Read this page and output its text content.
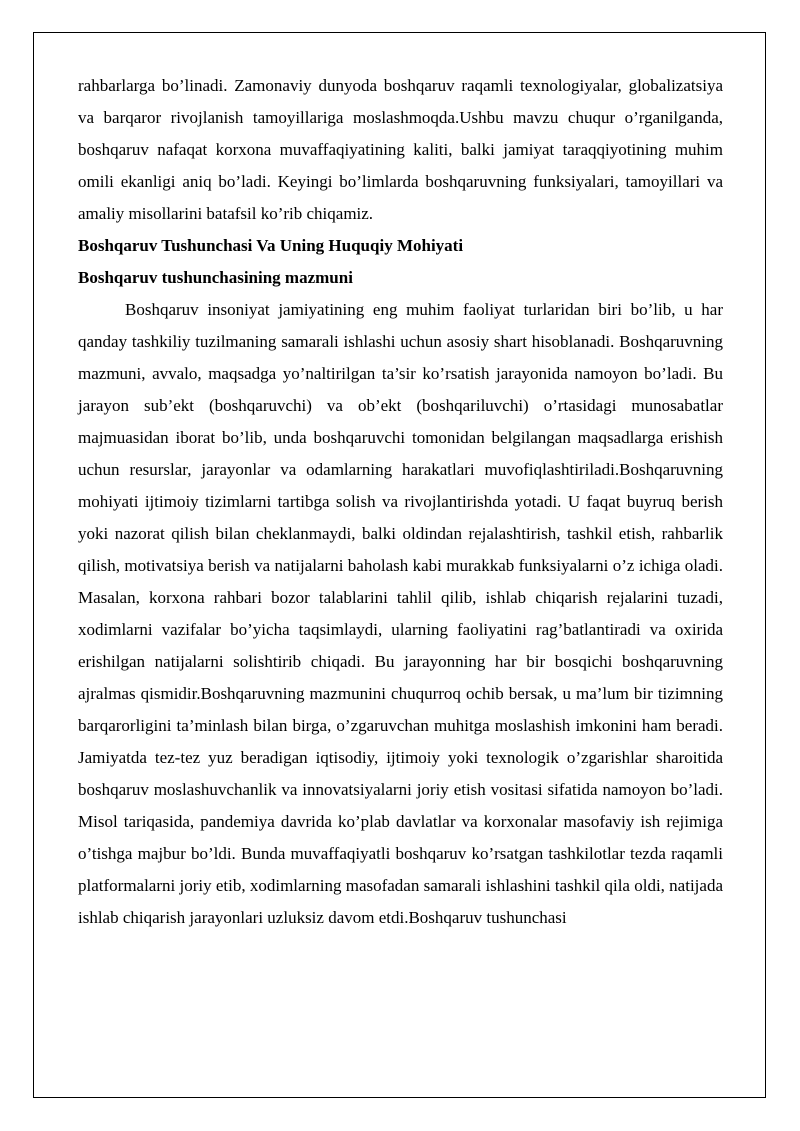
rahbarlarga bo’linadi. Zamonaviy dunyoda boshqaruv raqamli texnologiyalar, globalizatsiya va barqaror rivojlanish tamoyillariga moslashmoqda.Ushbu mavzu chuqur o’rganilganda, boshqaruv nafaqat korxona muvaffaqiyatining kaliti, balki jamiyat taraqqiyotining muhim omili ekanligi aniq bo’ladi. Keyingi bo’limlarda boshqaruvning funksiyalari, tamoyillari va amaliy misollarini batafsil ko’rib chiqamiz.

Boshqaruv Tushunchasi Va Uning Huquqiy Mohiyati

Boshqaruv tushunchasining mazmuni

Boshqaruv insoniyat jamiyatining eng muhim faoliyat turlaridan biri bo’lib, u har qanday tashkiliy tuzilmaning samarali ishlashi uchun asosiy shart hisoblanadi. Boshqaruvning mazmuni, avvalo, maqsadga yo’naltirilgan ta’sir ko’rsatish jarayonida namoyon bo’ladi. Bu jarayon sub’ekt (boshqaruvchi) va ob’ekt (boshqariluvchi) o’rtasidagi munosabatlar majmuasidan iborat bo’lib, unda boshqaruvchi tomonidan belgilangan maqsadlarga erishish uchun resurslar, jarayonlar va odamlarning harakatlari muvofiqlashtiriladi.Boshqaruvning mohiyati ijtimoiy tizimlarni tartibga solish va rivojlantirishda yotadi. U faqat buyruq berish yoki nazorat qilish bilan cheklanmaydi, balki oldindan rejalashtirish, tashkil etish, rahbarlik qilish, motivatsiya berish va natijalarni baholash kabi murakkab funksiyalarni o’z ichiga oladi. Masalan, korxona rahbari bozor talablarini tahlil qilib, ishlab chiqarish rejalarini tuzadi, xodimlarni vazifalar bo’yicha taqsimlaydi, ularning faoliyatini rag’batlantiradi va oxirida erishilgan natijalarni solishtirib chiqadi. Bu jarayonning har bir bosqichi boshqaruvning ajralmas qismidir.Boshqaruvning mazmunini chuqurroq ochib bersak, u ma’lum bir tizimning barqarorligini ta’minlash bilan birga, o’zgaruvchan muhitga moslashish imkonini ham beradi. Jamiyatda tez-tez yuz beradigan iqtisodiy, ijtimoiy yoki texnologik o’zgarishlar sharoitida boshqaruv moslashuvchanlik va innovatsiyalarni joriy etish vositasi sifatida namoyon bo’ladi. Misol tariqasida, pandemiya davrida ko’plab davlatlar va korxonalar masofaviy ish rejimiga o’tishga majbur bo’ldi. Bunda muvaffaqiyatli boshqaruv ko’rsatgan tashkilotlar tezda raqamli platformalarni joriy etib, xodimlarning masofadan samarali ishlashini tashkil qila oldi, natijada ishlab chiqarish jarayonlari uzluksiz davom etdi.Boshqaruv tushunchasi
